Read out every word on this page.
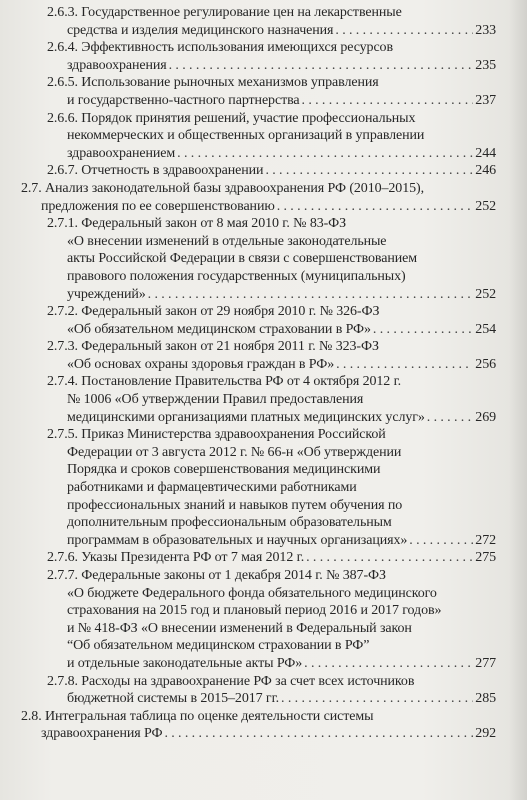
2.6.3. Государственное регулирование цен на лекарственные
средства и изделия медицинского назначения . . .	233
2.6.4. Эффективность использования имеющихся ресурсов
здравоохранения . . .	235
2.6.5. Использование рыночных механизмов управления
и государственно-частного партнерства . . .	237
2.6.6. Порядок принятия решений, участие профессиональных
некоммерческих и общественных организаций в управлении
здравоохранением . . .	244
2.6.7. Отчетность в здравоохранении . . .	246
2.7. Анализ законодательной базы здравоохранения РФ (2010–2015),
предложения по ее совершенствованию . . .	252
2.7.1. Федеральный закон от 8 мая 2010 г. № 83-ФЗ
«О внесении изменений в отдельные законодательные
акты Российской Федерации в связи с совершенствованием
правового положения государственных (муниципальных)
учреждений» . . .	252
2.7.2. Федеральный закон от 29 ноября 2010 г. № 326-ФЗ
«Об обязательном медицинском страховании в РФ» . . .	254
2.7.3. Федеральный закон от 21 ноября 2011 г. № 323-ФЗ
«Об основах охраны здоровья граждан в РФ» . . .	256
2.7.4. Постановление Правительства РФ от 4 октября 2012 г.
№ 1006 «Об утверждении Правил предоставления
медицинскими организациями платных медицинских услуг» . . .	269
2.7.5. Приказ Министерства здравоохранения Российской
Федерации от 3 августа 2012 г. № 66-н «Об утверждении
Порядка и сроков совершенствования медицинскими
работниками и фармацевтическими работниками
профессиональных знаний и навыков путем обучения по
дополнительным профессиональным образовательным
программам в образовательных и научных организациях» . . .	272
2.7.6. Указы Президента РФ от 7 мая 2012 г. . . .	275
2.7.7. Федеральные законы от 1 декабря 2014 г. № 387-ФЗ
«О бюджете Федерального фонда обязательного медицинского
страхования на 2015 год и плановый период 2016 и 2017 годов»
и № 418-ФЗ «О внесении изменений в Федеральный закон
“Об обязательном медицинском страховании в РФ”
и отдельные законодательные акты РФ» . . .	277
2.7.8. Расходы на здравоохранение РФ за счет всех источников
бюджетной системы в 2015–2017 гг. . . .	285
2.8. Интегральная таблица по оценке деятельности системы
здравоохранения РФ . . .	292
